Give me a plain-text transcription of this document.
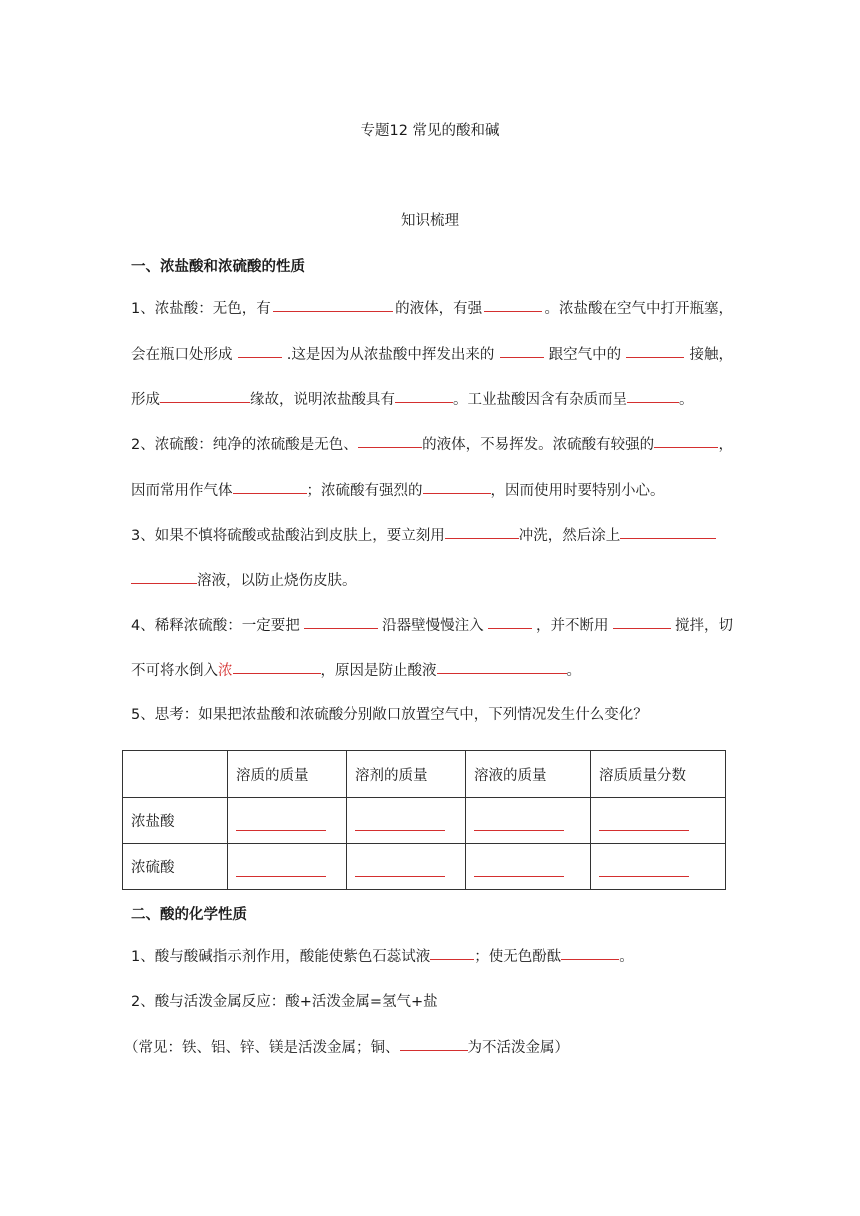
专题12 常见的酸和碱
知识梳理
一、浓盐酸和浓硫酸的性质
1、浓盐酸：无色，有	的液体，有强	。浓盐酸在空气中打开瓶塞，
会在瓶口处形成	.这是因为从浓盐酸中挥发出来的	跟空气中的	接触，
形成	缘故，说明浓盐酸具有	。工业盐酸因含有杂质而呈	。
2、浓硫酸：纯净的浓硫酸是无色、	的液体，不易挥发。浓硫酸有较强的	，
因而常用作气体	；浓硫酸有强烈的	，因而使用时要特别小心。
3、如果不慎将硫酸或盐酸沾到皮肤上，要立刻用	冲洗，然后涂上
溶液，以防止烧伤皮肤。
4、稀释浓硫酸：一定要把	沿器壁慢慢注入	，并不断用	搅拌，切
不可将水倒入 浓	，原因是防止酸液	。
5、思考：如果把浓盐酸和浓硫酸分别敞口放置空气中，下列情况发生什么变化？
	溶质的质量	溶剂的质量	溶液的质量	溶质质量分数
浓盐酸				
浓硫酸				
二、酸的化学性质
1、酸与酸碱指示剂作用，酸能使紫色石蕊试液	；使无色酚酞	。
2、酸与活泼金属反应：酸+活泼金属=氢气+盐
（常见：铁、铝、锌、镁是活泼金属；铜、	为不活泼金属）
